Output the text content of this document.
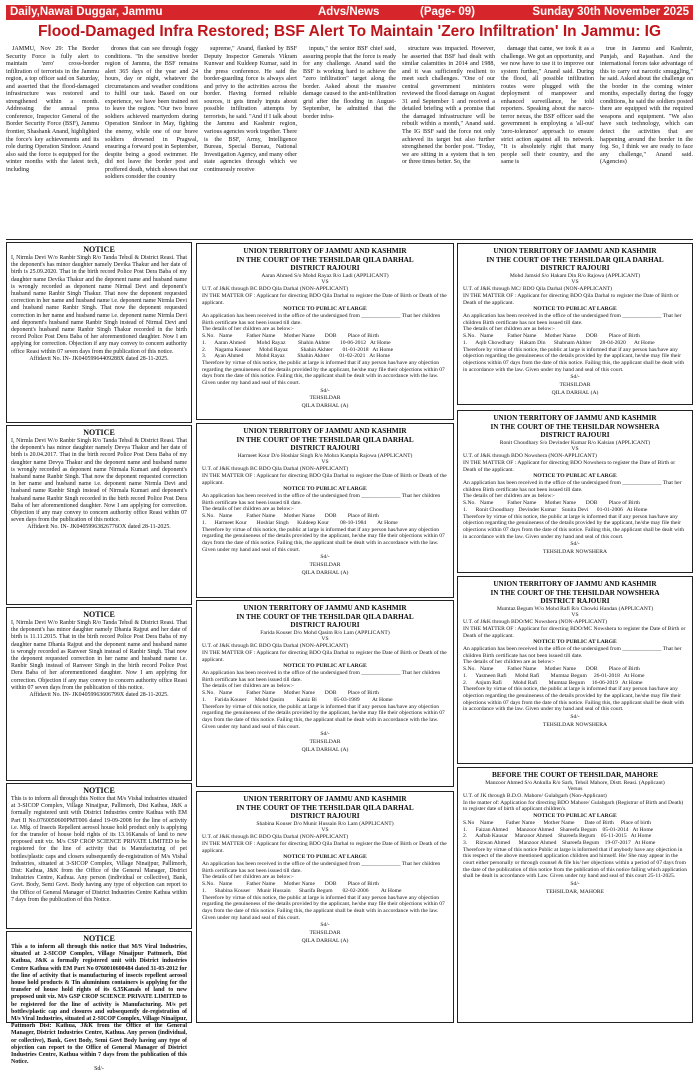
Daily,Nawai Duggar, Jammu	Advs/News	(Page- 09)	Sunday 30th November 2025
Flood-Damaged Infra Restored; BSF Alert To Maintain 'Zero Infiltration' In Jammu: IG

JAMMU, Nov 29: The Border Security Force is fully alert to maintain 'zero' cross-border infiltration of terrorists in the Jammu region, a top officer said on Saturday, and asserted that the flood-damaged infrastructure was restored and strengthened within a month. Addressing the annual press conference, Inspector General of the Border Security Force (BSF), Jammu frontier, Shashank Anand, highlighted the force's key achievements and its role during Operation Sindoor. Anand also said the force is equipped for the winter months with the latest tech, including

drones that can see through foggy conditions. "In the sensitive border region of Jammu, the BSF remains alert 365 days of the year and 24 hours, day or night, whatever the circumstances and weather conditions to fulfil our task. Based on our experience, we have been trained not to leave the region. "Our two brave soldiers achieved martyrdom during Operation Sindoor in May, fighting the enemy, while one of our brave soldiers drowned in Pragwal, ensuring a forward post in September, despite being a good swimmer. He did not leave the border post and proffered death, which shows that our soldiers consider the country

supreme," Anand, flanked by BSF Deputy Inspector Generals Vikram Kunwar and Kuldeep Kumar, said in the press conference. He said the border-guarding force is always alert and privy to the activities across the border. Having formed reliable sources, it gets timely inputs about possible infiltration attempts by terrorists, he said. "And if I talk about the Jammu and Kashmir region, various agencies work together. There is the BSF, Army, Intelligence Bureau, Special Bureau, National Investigation Agency, and many other state agencies through which we continuously receive

inputs," the senior BSF chief said, assuring people that the force is ready for any challenge. Anand said the BSF is working hard to achieve the "zero infiltration" target along the border. Asked about the massive damage caused to the anti-infiltration grid after the flooding in August-September, he admitted that the border infra-

structure was impacted. However, he asserted that BSF had dealt with similar calamities in 2014 and 1988, and it was sufficiently resilient to meet such challenges. "One of our central government ministers reviewed the flood damage on August 31 and September 1 and received a detailed briefing with a promise that the damaged infrastructure will be rebuilt within a month," Anand said. The IG BSF said the force not only achieved its target but also further strengthened the border post. "Today, we are sitting in a system that is ten or three times better. So, the

damage that came, we took it as a challenge. We got an opportunity, and we now have to use it to improve our system further," Anand said. During the flood, all possible infiltration routes were plugged with the deployment of manpower and enhanced surveillance, he told reporters. Speaking about the narco-terror nexus, the BSF officer said the government is employing a 'all-out' 'zero-tolerance' approach to ensure strict action against all its network. "It is absolutely right that many people sell their country, and the same is

true in Jammu and Kashmir, Punjab, and Rajasthan. And the international forces take advantage of this to carry out narcotic smuggling," he said. Asked about the challenge on the border in the coming winter months, especially during the foggy conditions, he said the soldiers posted there are equipped with the required weapons and equipment. "We also have such technology, which can detect the activities that are happening around the border in the fog. So, I think we are ready to face any challenge," Anand said. (Agencies)

NOTICE

I, Nirmla Devi W/o Ranbir Singh R/o Tanda Tehsil & District Reasi. That the deponent's has minor daughter namely Devika Thakur and her date of birth is 25.09.2020. That in the birth record Police Post Dera Baba of my daughter name Devika Thakur and the deponent name and husband name is wrongly recorded as deponent name Nirmal Devi and deponent's husband name Ranbir Singh Thakur. That now the deponent requested correction in her name and husband name i.e. deponent name Nirmla Devi and husband name Ranbir Singh. That now the deponent requested correction in her name and husband name i.e. deponent name Nirmla Devi and deponent's husband name Ranbir Singh instead of Nirmal Devi and deponent's husband name Ranbir Singh Thakur recorded in the birth record Police Post Dera Baba of her aforementioned daughter. Now I am applying for correction. Objection if any may convey to concern authority office Reasi within 07 seven days from the publication of this notice.

Affidavit No. IN- JK04059964409288X dated 28-11-2025.

NOTICE

I, Nirmla Devi W/o Ranbir Singh R/o Tanda Tehsil & District Reasi. That the deponent's has minor daughter namely Devya Thakur and her date of birth is 20.04.2017. That in the birth record Police Post Dera Baba of my daughter name Devya Thakur and the deponent name and husband name is wrongly recorded as deponent name Nirmala Kumari and deponent's husband name Ranbir Singh. That now the deponent requested correction in her name and husband name i.e. deponent name Nirmla Devi and husband name Ranbir Singh instead of Nirmala Kumari and deponent's husband name Ranbir Singh recorded in the birth record Police Post Dera Baba of her aforementioned daughter. Now I am applying for correction. Objection if any may convey to concern authority office Reasi within 07 seven days from the publication of this notice.

Affidavit No. IN- JK04059963826776OX dated 28-11-2025.

NOTICE

I, Nirmla Devi W/o Ranbir Singh R/o Tanda Tehsil & District Reasi. That the deponent's has minor daughter namely Dhania Rajput and her date of birth is 11.11.2015. That in the birth record Police Post Dera Baba of my daughter name Dhania Rajput and the deponent name and husband name is wrongly recorded as Ranveer Singh instead of Ranbir Singh. That now the deponent requested correction in her name and husband name i.e. Ranbir Singh instead of Ranveer Singh in the birth record Police Post Dera Baba of her aforementioned daughter. Now I am applying for correction. Objection if any may convey to concern authority office Reasi within 07 seven days from the publication of this notice.

Affidavit No. IN- JK04059963606799X dated 28-11-2025.

NOTICE

This is to inform all through this Notice that M/s Vishal industries situated at 3-SICOP Complex, Village Ninaijpur, Pallimorh, Dist Kathua, J&K a formally registered unit with District Industries centre Kathua with EM Part II No.0760050600PMT006 dated 19-09-2008 for the line of activity i.e. Mfg. of Insects Repellent aerosol house hold product only is applying for the transfer of house hold rights of its 13.16Kanals of land to new proposed unit viz. M/s CSP CROP SCIENCE PRIVATE LIMITED to be registered for the line of activity that is Manufacturing of pet bottles/plastic caps and closers subsequently de-registration of M/s Vishal Industries, situated at 3-SICOP Complex, Village Ninaijpur, Pallimorh, Dist: Kathua, J&K from the Office of the General Manager, District Industries Centre, Kathua. Any person (individual or collective), Bank, Govt. Body, Semi Govt. Body having any type of objection can report to the Office of General Manager of District Industries Centre Kathua within 7 days from the publication of this Notice.

NOTICE

This a to inform all through this notice that M/S Viral Industries, situated at 2-SICOP Complex, Village Ninaijpur Pattmorh, Dist Kathua, J&K a formally registered unit with District industries Centre Kathua with EM Part No 0760010600484 dated 31-03-2012 for the line of activity that is manufacturing of insects repellent aerosol house hold products & Tin aluminium containers is applying for the transfer of house hold rights of its 6.35Kanals of land to new proposed unit viz. M/s GSP CROP SCIENCE PRIVATE LIMITED to be registered for the line of activity is Manufacturing. M/s pet bottles/plastic cap and closures and subsequently de-registration of M/s Viral Industries, situated at 2-SICOP Complex, Village Ninaijpur, Pattmorh Dist: Kathua, J&K from the Office of the General Manager, District Industries Centre, Kathua. Any person (individual, or collective), Bank, Govt Body, Semi Govt Body having any type of objection can report to the Office of General Manager of District Industries Centre, Kathua within 7 days from the publication of this Notice.

Sd/-

UNION TERRITORY OF JAMMU AND KASHMIR
IN THE COURT OF THE TEHSILDAR QILA DARHAL
DISTRICT RAJOURI
Aaran Ahmed S/o Mohd Rayaz R/o Ladi (APPLICANT)
VS

U.T. of J&K through BC BDO Qila Darhal (NON-APPLICANT)

IN THE MATTER OF : Applicant for directing BDO Qila Darhal to register the Date of Birth or Death of the applicant.

NOTICE TO PUBLIC AT LARGE

An application has been received in the office of the undersigned from ______________ That her children Birth certificate has not been issued till date.

The details of her children are as below:-

S.No.   Name          Father Name      Mother Name       DOB        Place of Birth
1.      Aaran Ahmed        Mohd Rayaz         Shahin Akhter       10-06-2012   At Home
2.      Nagama Kouser      Mohd Rayaz         Shahin Akhter       01-01-2018   At Home
3.      Ayan Ahmed         Mohd Rayaz         Shahin Akhter       01-02-2021   At Home

Therefore by virtue of this notice, the public at large is informed that if any person has/have any objection regarding the genuineness of the details provided by the applicant, he/she may file their objections within 07 days from the date of this notice. Failing this, the applicant shall be dealt with in accordance with the law. Given under my hand and seal of this court.

Sd/-
TEHSILDAR
QILA DARHAL (A)
UNION TERRITORY OF JAMMU AND KASHMIR
IN THE COURT OF THE TEHSILDAR QILA DARHAL
DISTRICT RAJOURI
Harmeet Kour D/o Hoshiar Singh R/o Mohra Kampla Rajowa (APPLICANT)
VS

U.T. of J&K through BC BDO Qila Darhal (NON-APPLICANT)

IN THE MATTER OF : Applicant for directing BDO Qila Darhal to register the Date of Birth or Death of the applicant.

NOTICE TO PUBLIC AT LARGE

An application has been received in the office of the undersigned from ______________ That her children Birth certificate has not been issued till date.

The details of her children are as below:-

S.No.   Name          Father Name      Mother Name       DOB        Place of Birth
1.      Harmeet Kour       Hoshiar Singh      Kuldeep Kour        08-10-1984        At Home

Therefore by virtue of this notice, the public at large is informed that if any person has/have any objection regarding the genuineness of the details provided by the applicant, he/she may file their objections within 07 days from the date of this notice. Failing this, the applicant shall be dealt with in accordance with the law. Given under my hand and seal of this court.

Sd/-
TEHSILDAR
QILA DARHAL (A)
UNION TERRITORY OF JAMMU AND KASHMIR
IN THE COURT OF THE TEHSILDAR QILA DARHAL
DISTRICT RAJOURI
Farida Kouser D/o Mohd Qasim R/o Lam (APPLICANT)
VS

U.T. of J&K through BC BDO Qila Darhal (NON-APPLICANT)

IN THE MATTER OF : Applicant for directing BDO Qila Darhal to register the Date of Birth or Death of the applicant.

NOTICE TO PUBLIC AT LARGE

An application has been received in the office of the undersigned from ______________ That her children Birth certificate has not been issued till date.

The details of her children are as below:-

S.No.   Name          Father Name      Mother Name       DOB        Place of Birth
1.      Farida Kouser      Mohd Qasim         Kaniz Bi            05-03-1989         At Home

Therefore by virtue of this notice, the public at large is informed that if any person has/have any objection regarding the genuineness of the details provided by the applicant, he/she may file their objections within 07 days from the date of this notice. Failing this, the applicant shall be dealt with in accordance with the law. Given under my hand and seal of this court.

Sd/-
TEHSILDAR
QILA DARHAL (A)
UNION TERRITORY OF JAMMU AND KASHMIR
IN THE COURT OF THE TEHSILDAR QILA DARHAL
DISTRICT RAJOURI
Shabina Kouser D/o Munir Hussain R/o Lam (APPLICANT)
VS

U.T. of J&K through BC BDO Qila Darhal (NON-APPLICANT)

IN THE MATTER OF : Applicant for directing BDO Qila Darhal to register the Date of Birth or Death of the applicant.

NOTICE TO PUBLIC AT LARGE

An application has been received in the office of the undersigned from ______________ That her children Birth certificate has not been issued till date.

The details of her children are as below:-

S.No.   Name          Father Name      Mother Name       DOB        Place of Birth
1.      Shabina Kouser     Munir Hussain      Sharifa Begum       02-02-2006         At Home

Therefore by virtue of this notice, the public at large is informed that if any person has/have any objection regarding the genuineness of the details provided by the applicant, he/she may file their objections within 07 days from the date of this notice. Failing this, the applicant shall be dealt with in accordance with the law. Given under my hand and seal of this court.

Sd/-
TEHSILDAR
QILA DARHAL (A)
UNION TERRITORY OF JAMMU AND KASHMIR
IN THE COURT OF THE TEHSILDAR QILA DARHAL
DISTRICT RAJOURI
Mohd Jamsid S/o Hakam Din R/o Rajowa (APPLICANT)
VS

U.T. of J&K through MC/ BDO Qila Darhal (NON-APPLICANT)

IN THE MATTER OF : Applicant for directing BDO Qila Darhal to register the Date of Birth or Death of the applicant.

NOTICE TO PUBLIC AT LARGE

An application has been received in the office of the undersigned from ______________ That her children Birth certificate has not been issued till date.

The details of her children are as below:-

S.No.   Name          Father Name      Mother Name       DOB        Place of Birth
1.      Aqib Chowdhary    Hakam Din      Shabnam Akhter      28-04-2020      At Home

Therefore by virtue of this notice, the public at large is informed that if any person has/have any objection regarding the genuineness of the details provided by the applicant, he/she may file their objections within 07 days from the date of this notice. Failing this, the applicant shall be dealt with in accordance with the law. Given under my hand and seal of this court.

Sd/-
TEHSILDAR
QILA DARHAL (A)
UNION TERRITORY OF JAMMU AND KASHMIR
IN THE COURT OF THE TEHSILDAR NOWSHERA
DISTRICT RAJOURI
Ronit Choudhary S/o Devinder Kumar R/o Kalsian (APPLICANT)
VS

U.T. of J&K through BDO Nowshera (NON-APPLICANT)

IN THE MATTER OF : Applicant for directing BDO Nowshera to register the Date of Birth or Death of the applicant.

NOTICE TO PUBLIC AT LARGE

An application has been received in the office of the undersigned from ______________ That her children Birth certificate has not been issued till date.

The details of her children are as below:-

S.No.   Name          Father Name      Mother Name       DOB        Place of Birth
1.      Ronit Choudhary   Devinder Kumar    Sunita Devi      01-01-2006   At Home

Therefore by virtue of this notice, the public at large is informed that if any person has/have any objection regarding the genuineness of the details provided by the applicant, he/she may file their objections within 07 days from the date of this notice. Failing this, the applicant shall be dealt with in accordance with the law. Given under my hand and seal of this court.

Sd/-
TEHSILDAR NOWSHERA
UNION TERRITORY OF JAMMU AND KASHMIR
IN THE COURT OF THE TEHSILDAR NOWSHERA
DISTRICT RAJOURI
Mumtaz Begum W/o Mohd Rafi R/o Chowki Handan (APPLICANT)
VS

U.T. of J&K through BDO/MC Nowshera (NON-APPLICANT)

IN THE MATTER OF : Applicant for directing BDO/MC Nowshera to register the Date of Birth or Death of the applicant.

NOTICE TO PUBLIC AT LARGE

An application has been received in the office of the undersigned from ______________ That her children Birth certificate has not been issued till date.

The details of her children are as below:-

S.No.   Name          Father Name      Mother Name       DOB        Place of Birth
1.      Yasmeen Rafi      Mohd Rafi        Mumtaz Begum     26-01-2018   At Home
2.      Anjum Rafi        Mohd Rafi        Mumtaz Begum     16-06-2019   At Home

Therefore by virtue of this notice, the public at large is informed that if any person has/have any objection regarding the genuineness of the details provided by the applicant, he/she may file their objections within 07 days from the date of this notice. Failing this, the applicant shall be dealt with in accordance with the law. Given under my hand and seal of this court.

Sd/-
TEHSILDAR NOWSHERA
BEFORE THE COURT OF TEHSILDAR, MAHORE
Manzoor Ahmed S/o Ankulla R/o Sarh, Tehsil Mahore, Distt. Reasi. (Applicant)
Versus

U.T. of JK through B.D.O. Mahore/ Gulabgarh (Non-Applicant)

In the matter of: Application for directing BDO Mahore/ Gulabgarh (Registrar of Birth and Death) to register date of birth of applicant children's.

NOTICE TO PUBLIC AT LARGE
S.No    Name         Father Name      Mother Name       Date of Birth     Place of birth
1.      Faizan Ahmed      Manzoor Ahmed    Shareefa Begum    05-01-2014   At Home
2.      Aaftab Kausar     Manzoor Ahmed    Shareefa Begum    05-11-2015   At Home
3.      Rizwan Ahmed      Manzoor Ahmed    Shareefa Begum    19-07-2017   At Home

Therefore by virtue of this notice Public at large is informed that if anybody have any objection in this respect of the above mentioned application children and himself. He/ She may appear in the court either personally or through counsel & file his/ her objections within a period of 07 days from the date of the publication of this notice from the publication of this notice failing which application shall be dealt in accordance with Law. Given under my hand and seal of this court 25-11-2025.

Sd/-
TEHSILDAR, MAHORE
